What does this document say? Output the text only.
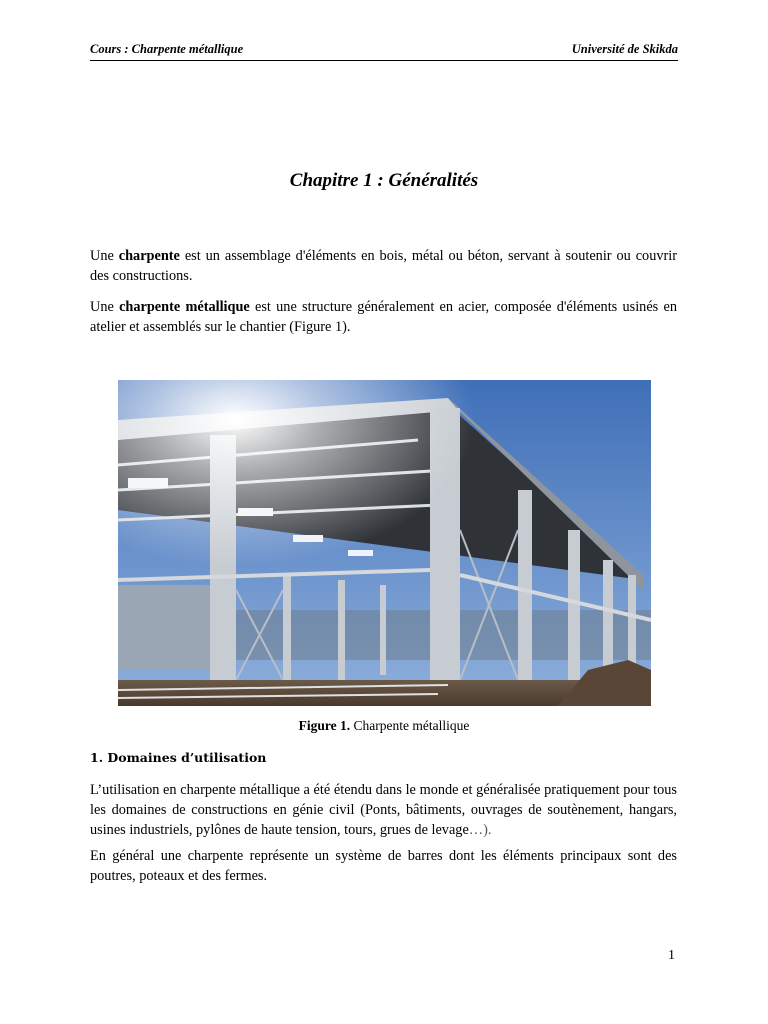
Cours : Charpente métallique	Université de Skikda
Chapitre 1 : Généralités
Une charpente est un assemblage d'éléments en bois, métal ou béton, servant à soutenir ou couvrir des constructions.
Une charpente métallique est une structure généralement en acier, composée d'éléments usinés en atelier et assemblés sur le chantier (Figure 1).
Figure 1. Charpente métallique
1. Domaines d’utilisation
L’utilisation en charpente métallique a été étendu dans le monde et généralisée pratiquement pour tous les domaines de constructions en génie civil (Ponts, bâtiments, ouvrages de soutènement, hangars, usines industriels, pylônes de haute tension, tours, grues de levage…).
En général une charpente représente un système de barres dont les éléments principaux sont des poutres, poteaux et des fermes.
1
